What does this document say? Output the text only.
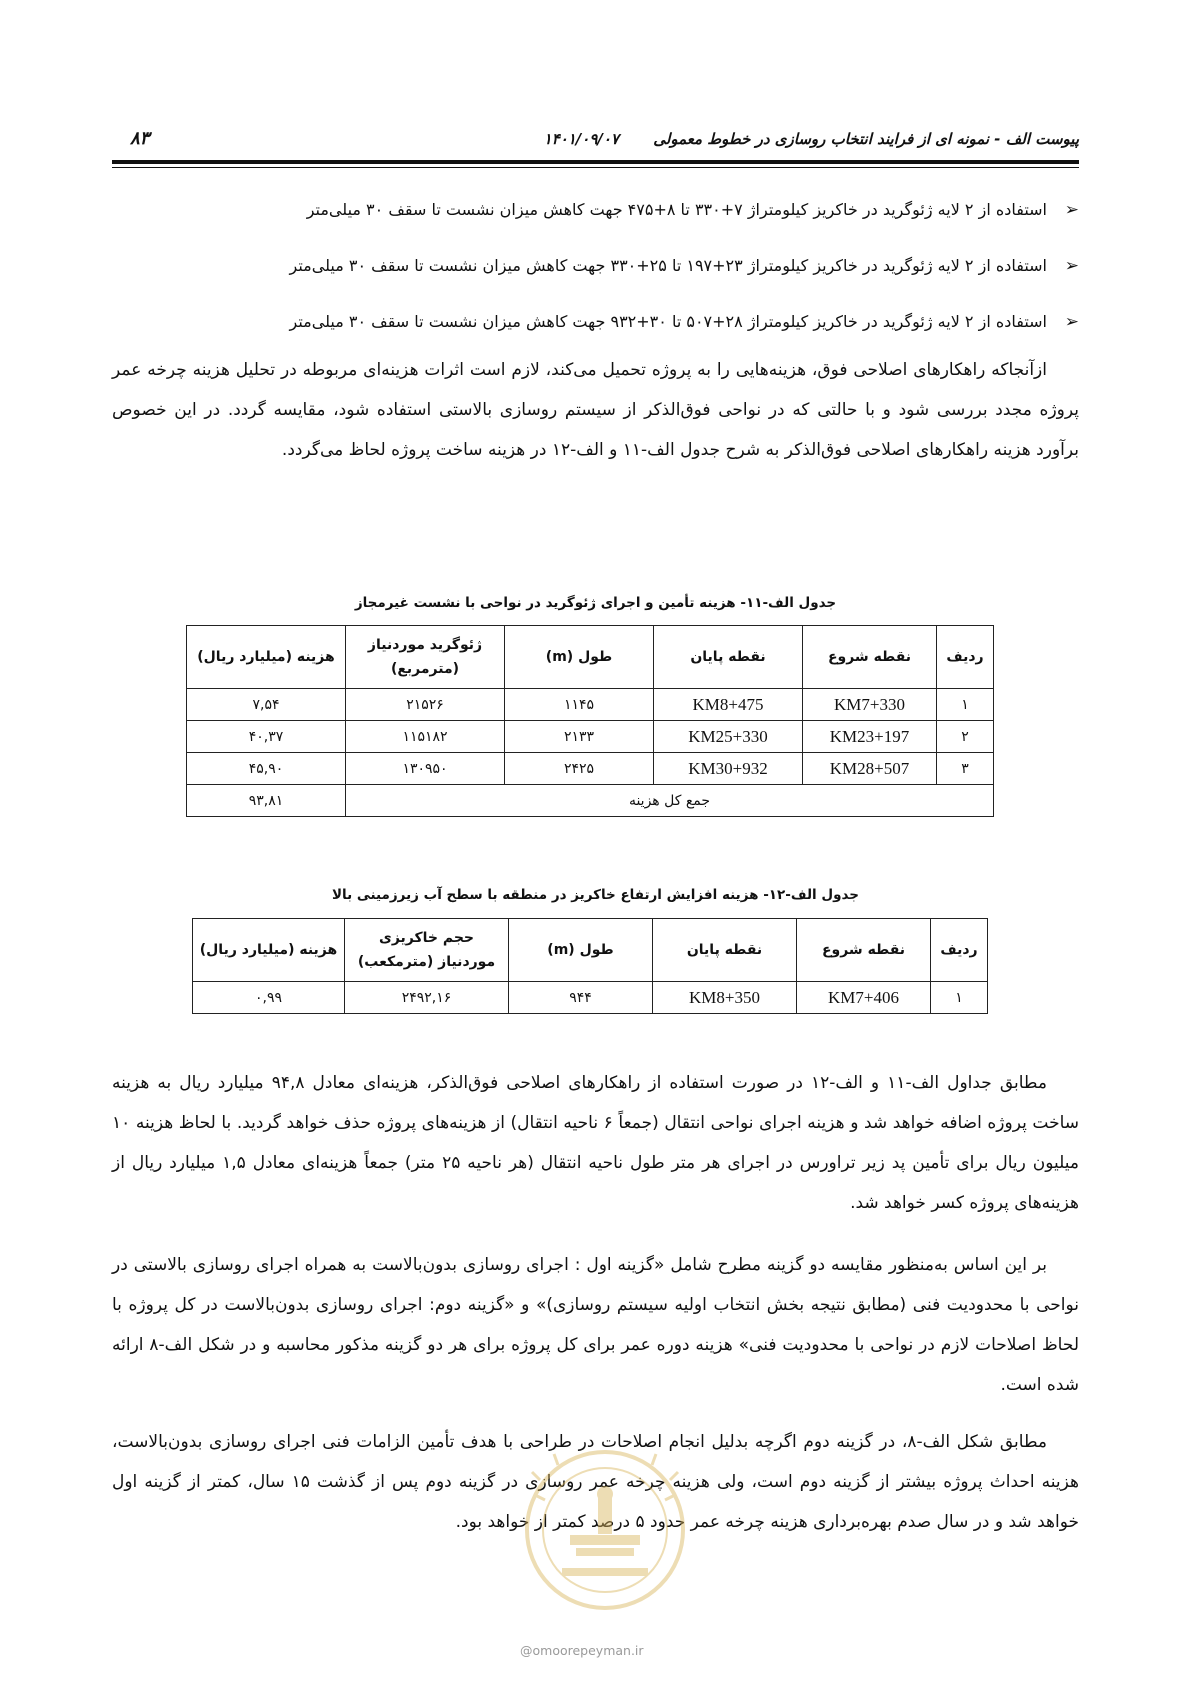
پیوست الف - نمونه ای از فرایند انتخاب روسازی در خطوط معمولی
۱۴۰۱/۰۹/۰۷
۸۳
➢
استفاده از ۲ لایه ژئوگرید در خاکریز کیلومتراژ ۷+۳۳۰ تا ۸+۴۷۵ جهت کاهش میزان نشست تا سقف ۳۰ میلی‌متر
➢
استفاده از ۲ لایه ژئوگرید در خاکریز کیلومتراژ ۲۳+۱۹۷ تا ۲۵+۳۳۰ جهت کاهش میزان نشست تا سقف ۳۰ میلی‌متر
➢
استفاده از ۲ لایه ژئوگرید در خاکریز کیلومتراژ ۲۸+۵۰۷ تا ۳۰+۹۳۲ جهت کاهش میزان نشست تا سقف ۳۰ میلی‌متر

ازآنجاکه راهکارهای اصلاحی فوق، هزینه‌هایی را به پروژه تحمیل می‌کند، لازم است اثرات هزینه‌ای مربوطه در تحلیل هزینه چرخه عمر پروژه مجدد بررسی شود و با حالتی که در نواحی فوق‌الذکر از سیستم روسازی بالاستی استفاده شود، مقایسه گردد. در این خصوص برآورد هزینه راهکارهای اصلاحی فوق‌الذکر به شرح جدول الف-۱۱ و الف-۱۲ در هزینه ساخت پروژه لحاظ می‌گردد.

جدول الف-۱۱- هزینه تأمین و اجرای ژئوگرید در نواحی با نشست غیرمجاز
ردیف	نقطه شروع	نقطه پایان	طول (m)	ژئوگرید موردنیاز (مترمربع)	هزینه (میلیارد ریال)
۱	KM7+330	KM8+475	۱۱۴۵	۲۱۵۲۶	۷,۵۴
۲	KM23+197	KM25+330	۲۱۳۳	۱۱۵۱۸۲	۴۰,۳۷
۳	KM28+507	KM30+932	۲۴۲۵	۱۳۰۹۵۰	۴۵,۹۰
جمع کل هزینه					۹۳,۸۱
جدول الف-۱۲- هزینه افزایش ارتفاع خاکریز در منطقه با سطح آب زیرزمینی بالا
ردیف	نقطه شروع	نقطه پایان	طول (m)	حجم خاکریزی موردنیاز (مترمکعب)	هزینه (میلیارد ریال)
۱	KM7+406	KM8+350	۹۴۴	۲۴۹۲,۱۶	۰,۹۹

مطابق جداول الف-۱۱ و الف-۱۲ در صورت استفاده از راهکارهای اصلاحی فوق‌الذکر، هزینه‌ای معادل ۹۴,۸ میلیارد ریال به هزینه ساخت پروژه اضافه خواهد شد و هزینه اجرای نواحی انتقال (جمعاً ۶ ناحیه انتقال) از هزینه‌های پروژه حذف خواهد گردید. با لحاظ هزینه ۱۰ میلیون ریال برای تأمین پد زیر تراورس در اجرای هر متر طول ناحیه انتقال (هر ناحیه ۲۵ متر) جمعاً هزینه‌ای معادل ۱,۵ میلیارد ریال از هزینه‌های پروژه کسر خواهد شد.

بر این اساس به‌منظور مقایسه دو گزینه مطرح شامل «گزینه اول : اجرای روسازی بدون‌بالاست به همراه اجرای روسازی بالاستی در نواحی با محدودیت فنی (مطابق نتیجه بخش انتخاب اولیه سیستم روسازی)» و «گزینه دوم: اجرای روسازی بدون‌بالاست در کل پروژه با لحاظ اصلاحات لازم در نواحی با محدودیت فنی» هزینه دوره عمر برای کل پروژه برای هر دو گزینه مذکور محاسبه و در شکل الف-۸ ارائه شده است.

مطابق شکل الف-۸، در گزینه دوم اگرچه بدلیل انجام اصلاحات در طراحی با هدف تأمین الزامات فنی اجرای روسازی بدون‌بالاست، هزینه احداث پروژه بیشتر از گزینه دوم است، ولی هزینه چرخه عمر روسازی در گزینه دوم پس از گذشت ۱۵ سال، کمتر از گزینه اول خواهد شد و در سال صدم بهره‌برداری هزینه چرخه عمر حدود ۵ درصد کمتر از خواهد بود.

@omoorepeyman.ir
